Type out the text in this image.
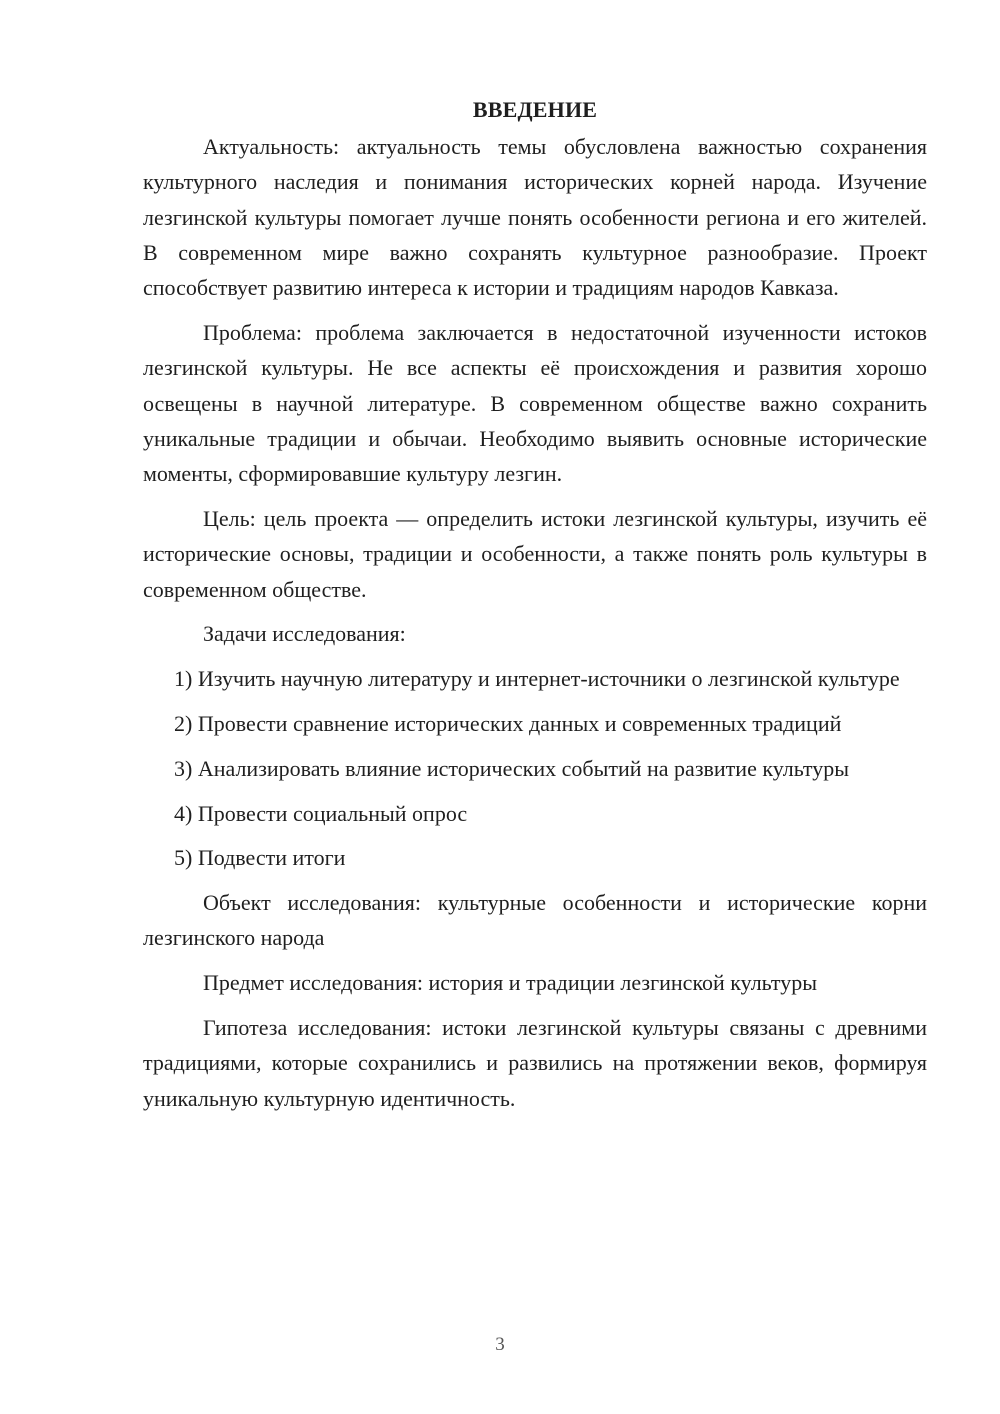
ВВЕДЕНИЕ

Актуальность: актуальность темы обусловлена важностью сохранения культурного наследия и понимания исторических корней народа. Изучение лезгинской культуры помогает лучше понять особенности региона и его жителей. В современном мире важно сохранять культурное разнообразие. Проект способствует развитию интереса к истории и традициям народов Кавказа.

Проблема: проблема заключается в недостаточной изученности истоков лезгинской культуры. Не все аспекты её происхождения и развития хорошо освещены в научной литературе. В современном обществе важно сохранить уникальные традиции и обычаи. Необходимо выявить основные исторические моменты, сформировавшие культуру лезгин.

Цель: цель проекта — определить истоки лезгинской культуры, изучить её исторические основы, традиции и особенности, а также понять роль культуры в современном обществе.

Задачи исследования:

1) Изучить научную литературу и интернет-источники о лезгинской культуре

2) Провести сравнение исторических данных и современных традиций

3) Анализировать влияние исторических событий на развитие культуры

4) Провести социальный опрос

5) Подвести итоги

Объект исследования: культурные особенности и исторические корни лезгинского народа

Предмет исследования: история и традиции лезгинской культуры

Гипотеза исследования: истоки лезгинской культуры связаны с древними традициями, которые сохранились и развились на протяжении веков, формируя уникальную культурную идентичность.

3
